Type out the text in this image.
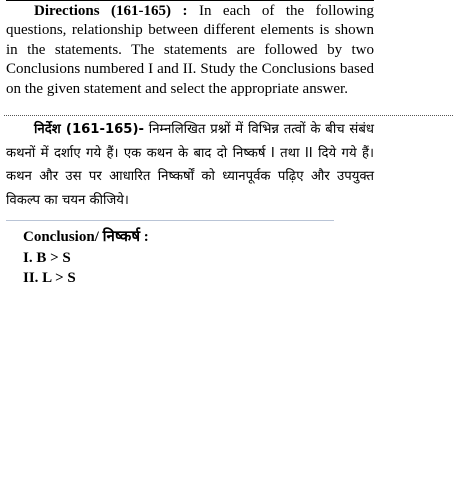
Directions (161-165) : In each of the following questions, relationship between different elements is shown in the statements. The statements are followed by two Conclusions numbered I and II. Study the Conclusions based on the given statement and select the appropriate answer.

निर्देश (161-165)- निम्नलिखित प्रश्नों में विभिन्न तत्वों के बीच संबंध कथनों में दर्शाए गये हैं। एक कथन के बाद दो निष्कर्ष I तथा II दिये गये हैं। कथन और उस पर आधारित निष्कर्षों को ध्यानपूर्वक पढ़िए और उपयुक्त विकल्प का चयन कीजिये।

Conclusion/ निष्कर्ष :
I. B > S
II. L > S
